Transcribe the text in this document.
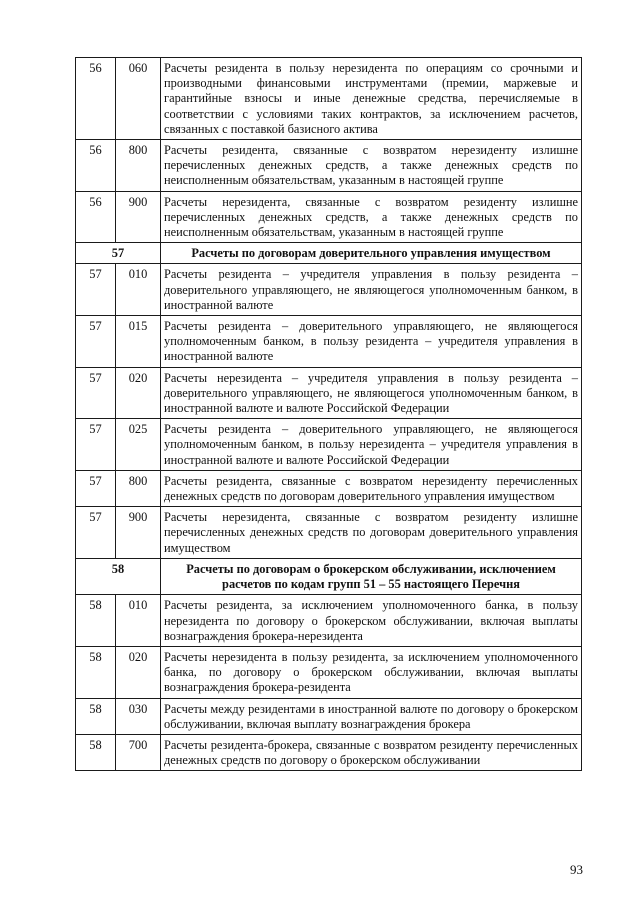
56	060	Расчеты резидента в пользу нерезидента по операциям со срочными и производными финансовыми инструментами (премии, маржевые и гарантийные взносы и иные денежные средства, перечисляемые в соответствии с условиями таких контрактов, за исключением расчетов, связанных с поставкой базисного актива
56	800	Расчеты резидента, связанные с возвратом нерезиденту излишне перечисленных денежных средств, а также денежных средств по неисполненным обязательствам, указанным в настоящей группе
56	900	Расчеты нерезидента, связанные с возвратом резиденту излишне перечисленных денежных средств, а также денежных средств по неисполненным обязательствам, указанным в настоящей группе
57		Расчеты по договорам доверительного управления имуществом
57	010	Расчеты резидента – учредителя управления в пользу резидента – доверительного управляющего, не являющегося уполномоченным банком, в иностранной валюте
57	015	Расчеты резидента – доверительного управляющего, не являющегося уполномоченным банком, в пользу резидента – учредителя управления в иностранной валюте
57	020	Расчеты нерезидента – учредителя управления в пользу резидента – доверительного управляющего, не являющегося уполномоченным банком, в иностранной валюте и валюте Российской Федерации
57	025	Расчеты резидента – доверительного управляющего, не являющегося уполномоченным банком, в пользу нерезидента – учредителя управления в иностранной валюте и валюте Российской Федерации
57	800	Расчеты резидента, связанные с возвратом нерезиденту перечисленных денежных средств по договорам доверительного управления имуществом
57	900	Расчеты нерезидента, связанные с возвратом резиденту излишне перечисленных денежных средств по договорам доверительного управления имуществом
58		Расчеты по договорам о брокерском обслуживании, исключением расчетов по кодам групп 51 – 55 настоящего Перечня
58	010	Расчеты резидента, за исключением уполномоченного банка, в пользу нерезидента по договору о брокерском обслуживании, включая выплаты вознаграждения брокера-нерезидента
58	020	Расчеты нерезидента в пользу резидента, за исключением уполномоченного банка, по договору о брокерском обслуживании, включая выплаты вознаграждения брокера-резидента
58	030	Расчеты между резидентами в иностранной валюте по договору о брокерском обслуживании, включая выплату вознаграждения брокера
58	700	Расчеты резидента-брокера, связанные с возвратом резиденту перечисленных денежных средств по договору о брокерском обслуживании
93
